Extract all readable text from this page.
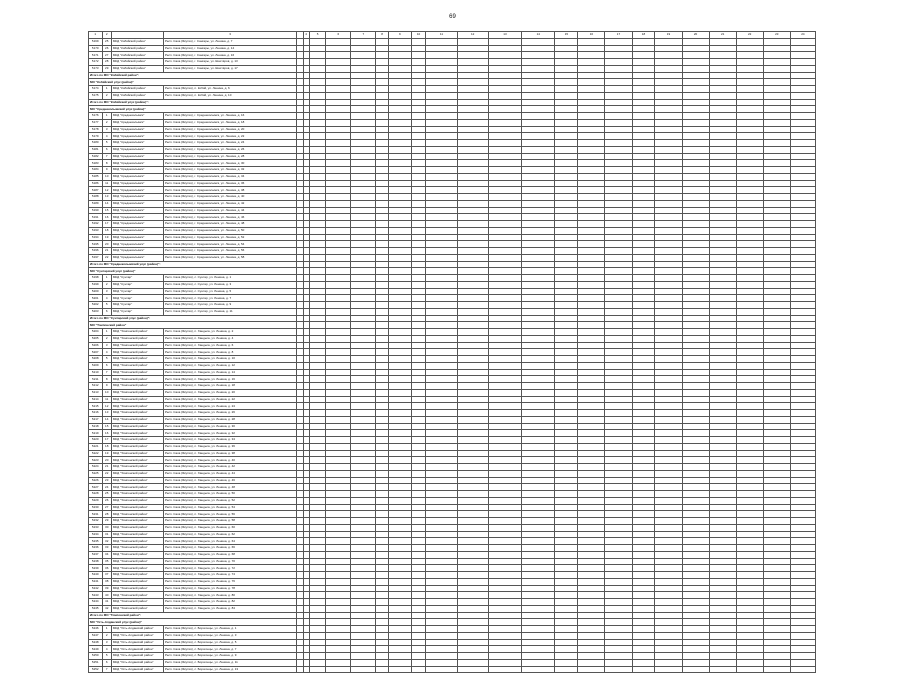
69
1	2		3		4	5	6	7	8	9	10	11	12	13	14	15	16	17	18	19	20	21	22	23	24
5169	25	МКД "Кобяйский район"	Респ. Саха (Якутия), г. Сангары, ул. Ленина, д. 7																						
5170	26	МКД "Кобяйский район"	Респ. Саха (Якутия), г. Сангары, ул. Ленина, д. 14																						
5171	27	МКД "Кобяйский район"	Респ. Саха (Якутия), г. Сангары, ул. Ленина, д. 16																						
5172	28	МКД "Кобяйский район"	Респ. Саха (Якутия), г. Сангары, ул. Шахтёров, д. 13																						
5173	29	МКД "Кобяйский район"	Респ. Саха (Якутия), г. Сангары, ул. Шахтёров, д. 17																						
Итого по МО "Кобяйский район":																									
МО "Кобяйский улус (район)"																									
5174	1	МКД "Кобяйский район"	Респ. Саха (Якутия), п. Кобяй, ул. Ленина, д. 6																						
5175	2	МКД "Кобяйский район"	Респ. Саха (Якутия), п. Кобяй, ул. Ленина, д. 10																						
Итого по МО "Кобяйский улус (район)":																									
МО "Среднеколымский улус (район)"																									
5176	1	МКД "Среднеколымск"	Респ. Саха (Якутия), г. Среднеколымск, ул. Ленина, д. 16																						
5177	2	МКД "Среднеколымск"	Респ. Саха (Якутия), г. Среднеколымск, ул. Ленина, д. 18																						
5178	3	МКД "Среднеколымск"	Респ. Саха (Якутия), г. Среднеколымск, ул. Ленина, д. 20																						
5179	4	МКД "Среднеколымск"	Респ. Саха (Якутия), г. Среднеколымск, ул. Ленина, д. 22																						
5180	5	МКД "Среднеколымск"	Респ. Саха (Якутия), г. Среднеколымск, ул. Ленина, д. 24																						
5181	6	МКД "Среднеколымск"	Респ. Саха (Якутия), г. Среднеколымск, ул. Ленина, д. 26																						
5182	7	МКД "Среднеколымск"	Респ. Саха (Якутия), г. Среднеколымск, ул. Ленина, д. 28																						
5183	8	МКД "Среднеколымск"	Респ. Саха (Якутия), г. Среднеколымск, ул. Ленина, д. 30																						
5184	9	МКД "Среднеколымск"	Респ. Саха (Якутия), г. Среднеколымск, ул. Ленина, д. 32																						
5185	10	МКД "Среднеколымск"	Респ. Саха (Якутия), г. Среднеколымск, ул. Ленина, д. 34																						
5186	11	МКД "Среднеколымск"	Респ. Саха (Якутия), г. Среднеколымск, ул. Ленина, д. 36																						
5187	12	МКД "Среднеколымск"	Респ. Саха (Якутия), г. Среднеколымск, ул. Ленина, д. 38																						
5188	13	МКД "Среднеколымск"	Респ. Саха (Якутия), г. Среднеколымск, ул. Ленина, д. 40																						
5189	14	МКД "Среднеколымск"	Респ. Саха (Якутия), г. Среднеколымск, ул. Ленина, д. 42																						
5190	15	МКД "Среднеколымск"	Респ. Саха (Якутия), г. Среднеколымск, ул. Ленина, д. 44																						
5191	16	МКД "Среднеколымск"	Респ. Саха (Якутия), г. Среднеколымск, ул. Ленина, д. 46																						
5192	17	МКД "Среднеколымск"	Респ. Саха (Якутия), г. Среднеколымск, ул. Ленина, д. 48																						
5193	18	МКД "Среднеколымск"	Респ. Саха (Якутия), г. Среднеколымск, ул. Ленина, д. 50																						
5194	19	МКД "Среднеколымск"	Респ. Саха (Якутия), г. Среднеколымск, ул. Ленина, д. 52																						
5195	20	МКД "Среднеколымск"	Респ. Саха (Якутия), г. Среднеколымск, ул. Ленина, д. 54																						
5196	21	МКД "Среднеколымск"	Респ. Саха (Якутия), г. Среднеколымск, ул. Ленина, д. 56																						
5197	22	МКД "Среднеколымск"	Респ. Саха (Якутия), г. Среднеколымск, ул. Ленина, д. 58																						
Итого по МО "Среднеколымский улус (район)":																									
МО "Сунтарский улус (район)"																									
5198	1	МКД "Сунтар"	Респ. Саха (Якутия), с. Сунтар, ул. Ленина, д. 1																						
5199	2	МКД "Сунтар"	Респ. Саха (Якутия), с. Сунтар, ул. Ленина, д. 3																						
5200	3	МКД "Сунтар"	Респ. Саха (Якутия), с. Сунтар, ул. Ленина, д. 5																						
5201	4	МКД "Сунтар"	Респ. Саха (Якутия), с. Сунтар, ул. Ленина, д. 7																						
5202	5	МКД "Сунтар"	Респ. Саха (Якутия), с. Сунтар, ул. Ленина, д. 9																						
5203	6	МКД "Сунтар"	Респ. Саха (Якутия), с. Сунтар, ул. Ленина, д. 11																						
Итого по МО "Сунтарский улус (район)":																									
МО "Томпонский район"																									
5204	1	МКД "Томпонский район"	Респ. Саха (Якутия), п. Хандыга, ул. Ленина, д. 2																						
5205	2	МКД "Томпонский район"	Респ. Саха (Якутия), п. Хандыга, ул. Ленина, д. 4																						
5206	3	МКД "Томпонский район"	Респ. Саха (Якутия), п. Хандыга, ул. Ленина, д. 6																						
5207	4	МКД "Томпонский район"	Респ. Саха (Якутия), п. Хандыга, ул. Ленина, д. 8																						
5208	5	МКД "Томпонский район"	Респ. Саха (Якутия), п. Хандыга, ул. Ленина, д. 10																						
5209	6	МКД "Томпонский район"	Респ. Саха (Якутия), п. Хандыга, ул. Ленина, д. 12																						
5210	7	МКД "Томпонский район"	Респ. Саха (Якутия), п. Хандыга, ул. Ленина, д. 14																						
5211	8	МКД "Томпонский район"	Респ. Саха (Якутия), п. Хандыга, ул. Ленина, д. 16																						
5212	9	МКД "Томпонский район"	Респ. Саха (Якутия), п. Хандыга, ул. Ленина, д. 18																						
5213	10	МКД "Томпонский район"	Респ. Саха (Якутия), п. Хандыга, ул. Ленина, д. 20																						
5214	11	МКД "Томпонский район"	Респ. Саха (Якутия), п. Хандыга, ул. Ленина, д. 22																						
5215	12	МКД "Томпонский район"	Респ. Саха (Якутия), п. Хандыга, ул. Ленина, д. 24																						
5216	13	МКД "Томпонский район"	Респ. Саха (Якутия), п. Хандыга, ул. Ленина, д. 26																						
5217	14	МКД "Томпонский район"	Респ. Саха (Якутия), п. Хандыга, ул. Ленина, д. 28																						
5218	15	МКД "Томпонский район"	Респ. Саха (Якутия), п. Хандыга, ул. Ленина, д. 30																						
5219	16	МКД "Томпонский район"	Респ. Саха (Якутия), п. Хандыга, ул. Ленина, д. 32																						
5220	17	МКД "Томпонский район"	Респ. Саха (Якутия), п. Хандыга, ул. Ленина, д. 34																						
5221	18	МКД "Томпонский район"	Респ. Саха (Якутия), п. Хандыга, ул. Ленина, д. 36																						
5222	19	МКД "Томпонский район"	Респ. Саха (Якутия), п. Хандыга, ул. Ленина, д. 38																						
5223	20	МКД "Томпонский район"	Респ. Саха (Якутия), п. Хандыга, ул. Ленина, д. 40																						
5224	21	МКД "Томпонский район"	Респ. Саха (Якутия), п. Хандыга, ул. Ленина, д. 42																						
5225	22	МКД "Томпонский район"	Респ. Саха (Якутия), п. Хандыга, ул. Ленина, д. 44																						
5226	23	МКД "Томпонский район"	Респ. Саха (Якутия), п. Хандыга, ул. Ленина, д. 46																						
5227	24	МКД "Томпонский район"	Респ. Саха (Якутия), п. Хандыга, ул. Ленина, д. 48																						
5228	25	МКД "Томпонский район"	Респ. Саха (Якутия), п. Хандыга, ул. Ленина, д. 50																						
5229	26	МКД "Томпонский район"	Респ. Саха (Якутия), п. Хандыга, ул. Ленина, д. 52																						
5230	27	МКД "Томпонский район"	Респ. Саха (Якутия), п. Хандыга, ул. Ленина, д. 54																						
5231	28	МКД "Томпонский район"	Респ. Саха (Якутия), п. Хандыга, ул. Ленина, д. 56																						
5232	29	МКД "Томпонский район"	Респ. Саха (Якутия), п. Хандыга, ул. Ленина, д. 58																						
5233	30	МКД "Томпонский район"	Респ. Саха (Якутия), п. Хандыга, ул. Ленина, д. 60																						
5234	31	МКД "Томпонский район"	Респ. Саха (Якутия), п. Хандыга, ул. Ленина, д. 62																						
5235	32	МКД "Томпонский район"	Респ. Саха (Якутия), п. Хандыга, ул. Ленина, д. 64																						
5236	33	МКД "Томпонский район"	Респ. Саха (Якутия), п. Хандыга, ул. Ленина, д. 66																						
5237	34	МКД "Томпонский район"	Респ. Саха (Якутия), п. Хандыга, ул. Ленина, д. 68																						
5238	35	МКД "Томпонский район"	Респ. Саха (Якутия), п. Хандыга, ул. Ленина, д. 70																						
5239	36	МКД "Томпонский район"	Респ. Саха (Якутия), п. Хандыга, ул. Ленина, д. 72																						
5240	37	МКД "Томпонский район"	Респ. Саха (Якутия), п. Хандыга, ул. Ленина, д. 74																						
5241	38	МКД "Томпонский район"	Респ. Саха (Якутия), п. Хандыга, ул. Ленина, д. 76																						
5242	39	МКД "Томпонский район"	Респ. Саха (Якутия), п. Хандыга, ул. Ленина, д. 78																						
5243	40	МКД "Томпонский район"	Респ. Саха (Якутия), п. Хандыга, ул. Ленина, д. 80																						
5244	41	МКД "Томпонский район"	Респ. Саха (Якутия), п. Хандыга, ул. Ленина, д. 82																						
5245	42	МКД "Томпонский район"	Респ. Саха (Якутия), п. Хандыга, ул. Ленина, д. 84																						
Итого по МО "Томпонский район":																									
МО "Усть-Алданский улус (район)"																									
5246	1	МКД "Усть-Алданский район"	Респ. Саха (Якутия), с. Борогонцы, ул. Ленина, д. 1																						
5247	2	МКД "Усть-Алданский район"	Респ. Саха (Якутия), с. Борогонцы, ул. Ленина, д. 3																						
5248	3	МКД "Усть-Алданский район"	Респ. Саха (Якутия), с. Борогонцы, ул. Ленина, д. 5																						
5249	4	МКД "Усть-Алданский район"	Респ. Саха (Якутия), с. Борогонцы, ул. Ленина, д. 7																						
5250	5	МКД "Усть-Алданский район"	Респ. Саха (Якутия), с. Борогонцы, ул. Ленина, д. 9																						
5251	6	МКД "Усть-Алданский район"	Респ. Саха (Якутия), с. Борогонцы, ул. Ленина, д. 11																						
5252	7	МКД "Усть-Алданский район"	Респ. Саха (Якутия), с. Борогонцы, ул. Ленина, д. 13																						
